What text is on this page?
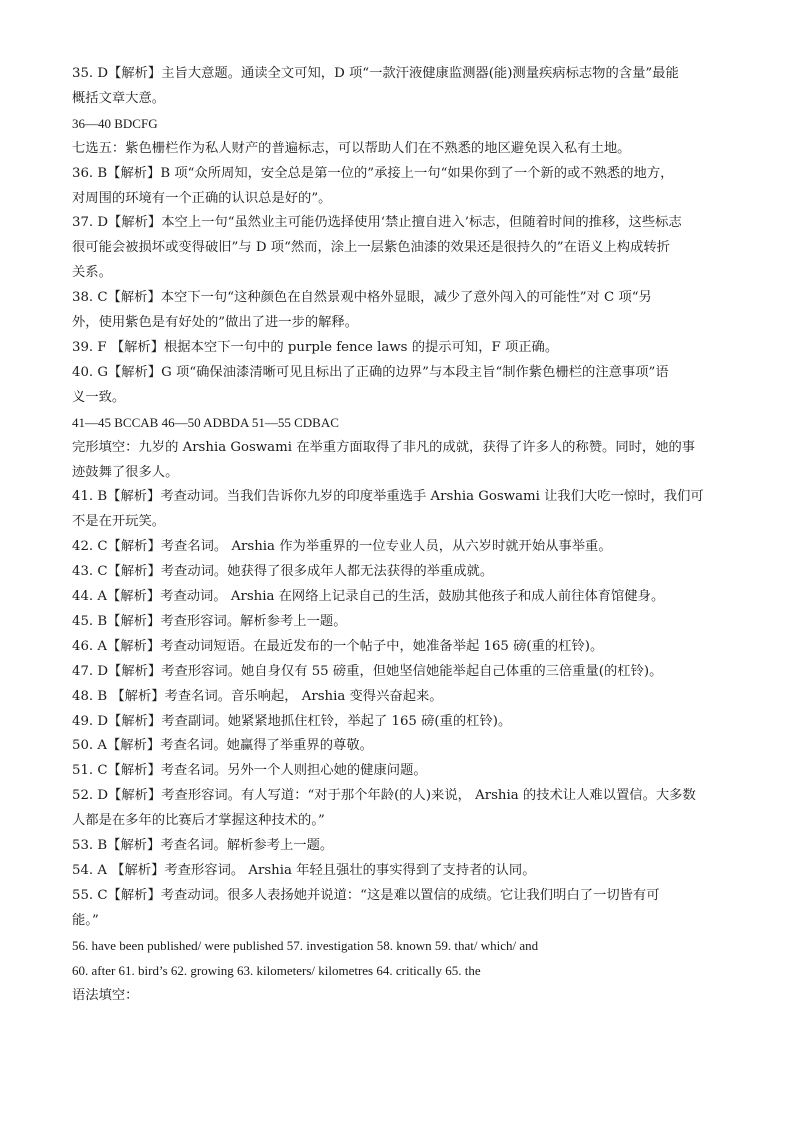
35. D【解析】主旨大意题。通读全文可知，D 项“一款汗液健康监测器(能)测量疾病标志物的含量”最能
概括文章大意。
36—40 BDCFG
七选五：紫色栅栏作为私人财产的普遍标志，可以帮助人们在不熟悉的地区避免误入私有土地。
36. B【解析】B 项“众所周知，安全总是第一位的”承接上一句“如果你到了一个新的或不熟悉的地方，
对周围的环境有一个正确的认识总是好的”。
37. D【解析】本空上一句“虽然业主可能仍选择使用‘禁止擅自进入’标志，但随着时间的推移，这些标志
很可能会被损坏或变得破旧”与 D 项“然而，涂上一层紫色油漆的效果还是很持久的”在语义上构成转折
关系。
38. C【解析】本空下一句“这种颜色在自然景观中格外显眼，减少了意外闯入的可能性”对 C 项“另
外，使用紫色是有好处的”做出了进一步的解释。
39. F 【解析】根据本空下一句中的 purple fence laws 的提示可知，F 项正确。
40. G【解析】G 项“确保油漆清晰可见且标出了正确的边界”与本段主旨“制作紫色栅栏的注意事项”语
义一致。
41—45 BCCAB 46—50 ADBDA 51—55 CDBAC
完形填空：九岁的 Arshia Goswami 在举重方面取得了非凡的成就，获得了许多人的称赞。同时，她的事
迹鼓舞了很多人。
41. B【解析】考查动词。当我们告诉你九岁的印度举重选手 Arshia Goswami 让我们大吃一惊时，我们可
不是在开玩笑。
42. C【解析】考查名词。 Arshia 作为举重界的一位专业人员，从六岁时就开始从事举重。
43. C【解析】考查动词。她获得了很多成年人都无法获得的举重成就。
44. A【解析】考查动词。 Arshia 在网络上记录自己的生活，鼓励其他孩子和成人前往体育馆健身。
45. B【解析】考查形容词。解析参考上一题。
46. A【解析】考查动词短语。在最近发布的一个帖子中，她准备举起 165 磅(重的杠铃)。
47. D【解析】考查形容词。她自身仅有 55 磅重，但她坚信她能举起自己体重的三倍重量(的杠铃)。
48. B 【解析】考查名词。音乐响起， Arshia 变得兴奋起来。
49. D【解析】考查副词。她紧紧地抓住杠铃，举起了 165 磅(重的杠铃)。
50. A【解析】考查名词。她赢得了举重界的尊敬。
51. C【解析】考查名词。另外一个人则担心她的健康问题。
52. D【解析】考查形容词。有人写道：“对于那个年龄(的人)来说， Arshia 的技术让人难以置信。大多数
人都是在多年的比赛后才掌握这种技术的。”
53. B【解析】考查名词。解析参考上一题。
54. A 【解析】考查形容词。 Arshia 年轻且强壮的事实得到了支持者的认同。
55. C【解析】考查动词。很多人表扬她并说道：“这是难以置信的成绩。它让我们明白了一切皆有可
能。”
56. have been published/ were published 57. investigation 58. known 59. that/ which/ and
60. after 61. bird’s 62. growing 63. kilometers/ kilometres 64. critically 65. the
语法填空：
